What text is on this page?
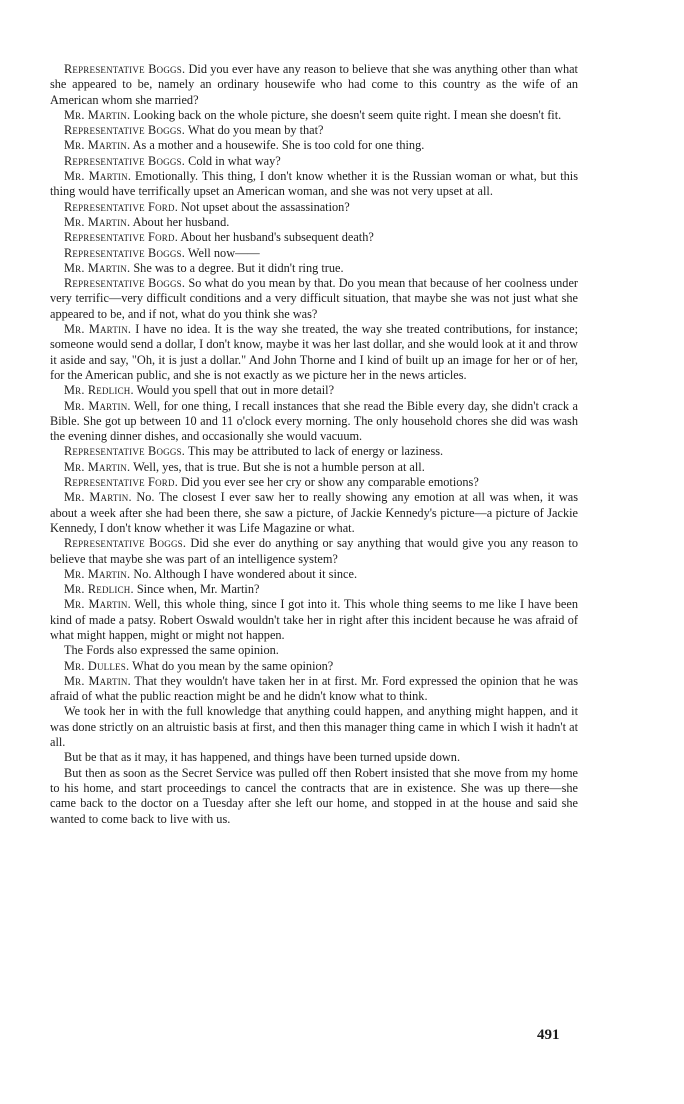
Representative Boggs. Did you ever have any reason to believe that she was anything other than what she appeared to be, namely an ordinary housewife who had come to this country as the wife of an American whom she married?

Mr. Martin. Looking back on the whole picture, she doesn't seem quite right. I mean she doesn't fit.

Representative Boggs. What do you mean by that?

Mr. Martin. As a mother and a housewife. She is too cold for one thing.

Representative Boggs. Cold in what way?

Mr. Martin. Emotionally. This thing, I don't know whether it is the Russian woman or what, but this thing would have terrifically upset an American woman, and she was not very upset at all.

Representative Ford. Not upset about the assassination?

Mr. Martin. About her husband.

Representative Ford. About her husband's subsequent death?

Representative Boggs. Well now——

Mr. Martin. She was to a degree. But it didn't ring true.

Representative Boggs. So what do you mean by that. Do you mean that because of her coolness under very terrific—very difficult conditions and a very difficult situation, that maybe she was not just what she appeared to be, and if not, what do you think she was?

Mr. Martin. I have no idea. It is the way she treated, the way she treated contributions, for instance; someone would send a dollar, I don't know, maybe it was her last dollar, and she would look at it and throw it aside and say, "Oh, it is just a dollar." And John Thorne and I kind of built up an image for her or of her, for the American public, and she is not exactly as we picture her in the news articles.

Mr. Redlich. Would you spell that out in more detail?

Mr. Martin. Well, for one thing, I recall instances that she read the Bible every day, she didn't crack a Bible. She got up between 10 and 11 o'clock every morning. The only household chores she did was wash the evening dinner dishes, and occasionally she would vacuum.

Representative Boggs. This may be attributed to lack of energy or laziness.

Mr. Martin. Well, yes, that is true. But she is not a humble person at all.

Representative Ford. Did you ever see her cry or show any comparable emotions?

Mr. Martin. No. The closest I ever saw her to really showing any emotion at all was when, it was about a week after she had been there, she saw a picture, of Jackie Kennedy's picture—a picture of Jackie Kennedy, I don't know whether it was Life Magazine or what.

Representative Boggs. Did she ever do anything or say anything that would give you any reason to believe that maybe she was part of an intelligence system?

Mr. Martin. No. Although I have wondered about it since.

Mr. Redlich. Since when, Mr. Martin?

Mr. Martin. Well, this whole thing, since I got into it. This whole thing seems to me like I have been kind of made a patsy. Robert Oswald wouldn't take her in right after this incident because he was afraid of what might happen, might or might not happen.

The Fords also expressed the same opinion.

Mr. Dulles. What do you mean by the same opinion?

Mr. Martin. That they wouldn't have taken her in at first. Mr. Ford expressed the opinion that he was afraid of what the public reaction might be and he didn't know what to think.

We took her in with the full knowledge that anything could happen, and anything might happen, and it was done strictly on an altruistic basis at first, and then this manager thing came in which I wish it hadn't at all.

But be that as it may, it has happened, and things have been turned upside down.

But then as soon as the Secret Service was pulled off then Robert insisted that she move from my home to his home, and start proceedings to cancel the contracts that are in existence. She was up there—she came back to the doctor on a Tuesday after she left our home, and stopped in at the house and said she wanted to come back to live with us.

491
